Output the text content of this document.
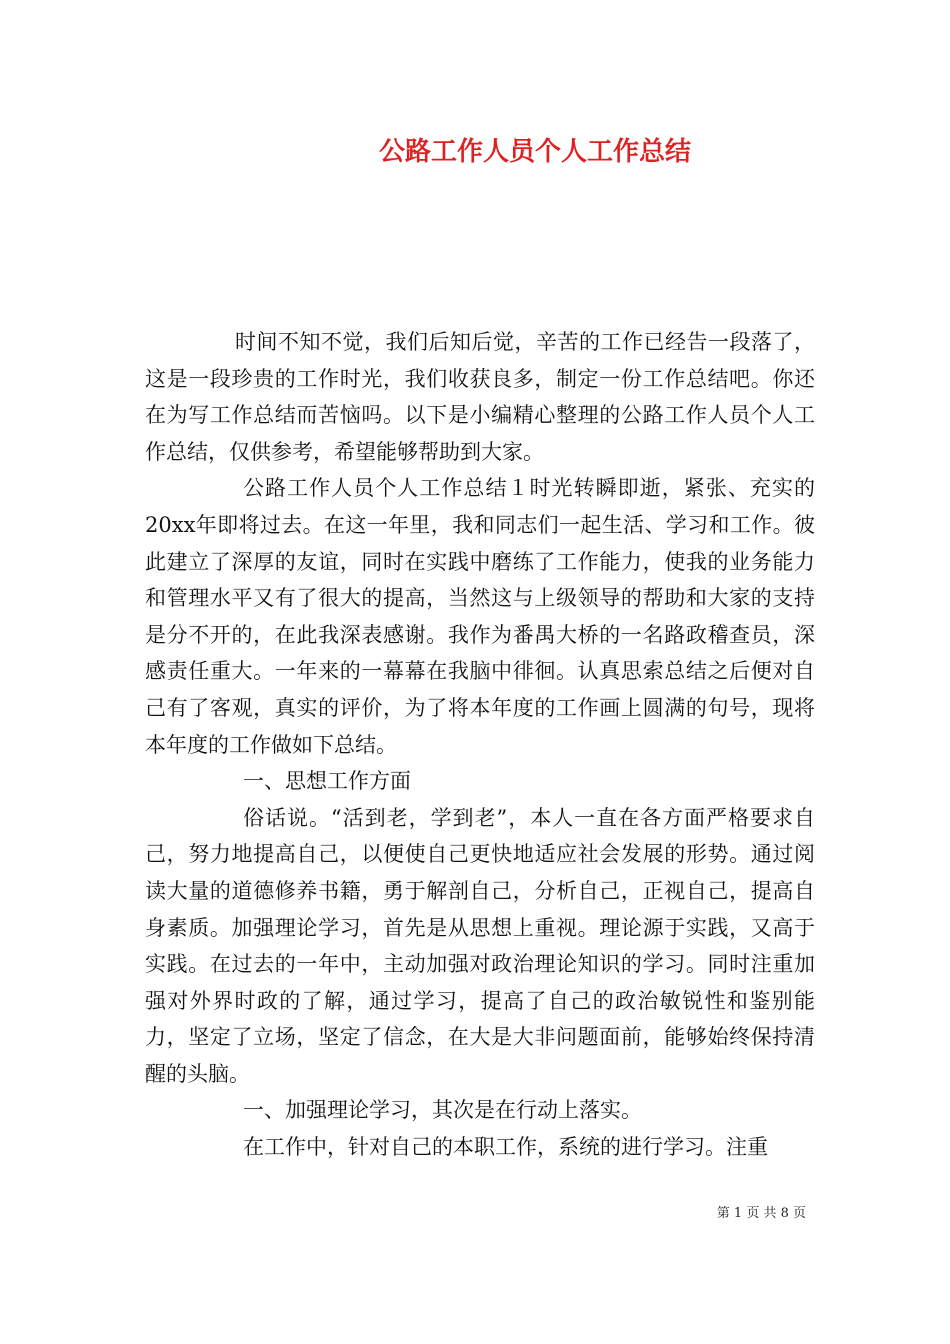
公路工作人员个人工作总结

时间不知不觉，我们后知后觉，辛苦的工作已经告一段落了，这是一段珍贵的工作时光，我们收获良多，制定一份工作总结吧。你还在为写工作总结而苦恼吗。以下是小编精心整理的公路工作人员个人工作总结，仅供参考，希望能够帮助到大家。

公路工作人员个人工作总结１时光转瞬即逝，紧张、充实的20xx年即将过去。在这一年里，我和同志们一起生活、学习和工作。彼此建立了深厚的友谊，同时在实践中磨练了工作能力，使我的业务能力和管理水平又有了很大的提高，当然这与上级领导的帮助和大家的支持是分不开的，在此我深表感谢。我作为番禺大桥的一名路政稽查员，深感责任重大。一年来的一幕幕在我脑中徘徊。认真思索总结之后便对自己有了客观，真实的评价，为了将本年度的工作画上圆满的句号，现将本年度的工作做如下总结。

一、思想工作方面

俗话说。“活到老，学到老”，本人一直在各方面严格要求自己，努力地提高自己，以便使自己更快地适应社会发展的形势。通过阅读大量的道德修养书籍，勇于解剖自己，分析自己，正视自己，提高自身素质。加强理论学习，首先是从思想上重视。理论源于实践，又高于实践。在过去的一年中，主动加强对政治理论知识的学习。同时注重加强对外界时政的了解，通过学习，提高了自己的政治敏锐性和鉴别能力，坚定了立场，坚定了信念，在大是大非问题面前，能够始终保持清醒的头脑。

一、加强理论学习，其次是在行动上落实。

在工作中，针对自己的本职工作，系统的进行学习。注重

第 1 页 共 8 页
